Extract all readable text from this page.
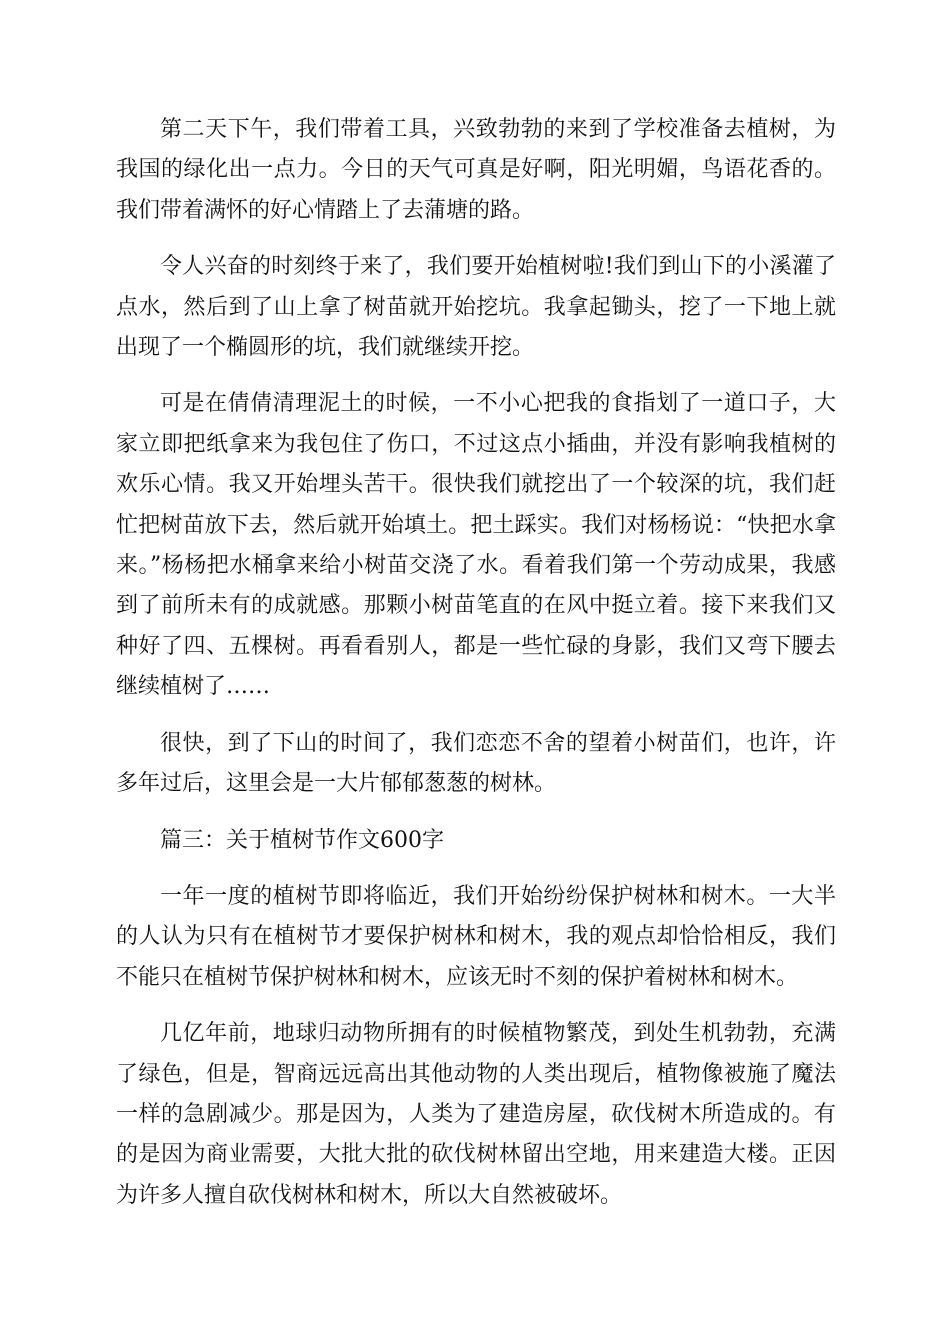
第二天下午，我们带着工具，兴致勃勃的来到了学校准备去植树，为我国的绿化出一点力。今日的天气可真是好啊，阳光明媚，鸟语花香的。我们带着满怀的好心情踏上了去蒲塘的路。

令人兴奋的时刻终于来了，我们要开始植树啦!我们到山下的小溪灌了点水，然后到了山上拿了树苗就开始挖坑。我拿起锄头，挖了一下地上就出现了一个椭圆形的坑，我们就继续开挖。

可是在倩倩清理泥土的时候，一不小心把我的食指划了一道口子，大家立即把纸拿来为我包住了伤口，不过这点小插曲，并没有影响我植树的欢乐心情。我又开始埋头苦干。很快我们就挖出了一个较深的坑，我们赶忙把树苗放下去，然后就开始填土。把土踩实。我们对杨杨说：“快把水拿来。”杨杨把水桶拿来给小树苗交浇了水。看着我们第一个劳动成果，我感到了前所未有的成就感。那颗小树苗笔直的在风中挺立着。接下来我们又种好了四、五棵树。再看看别人，都是一些忙碌的身影，我们又弯下腰去继续植树了……

很快，到了下山的时间了，我们恋恋不舍的望着小树苗们，也许，许多年过后，这里会是一大片郁郁葱葱的树林。

篇三：关于植树节作文600字

一年一度的植树节即将临近，我们开始纷纷保护树林和树木。一大半的人认为只有在植树节才要保护树林和树木，我的观点却恰恰相反，我们不能只在植树节保护树林和树木，应该无时不刻的保护着树林和树木。

几亿年前，地球归动物所拥有的时候植物繁茂，到处生机勃勃，充满了绿色，但是，智商远远高出其他动物的人类出现后，植物像被施了魔法一样的急剧减少。那是因为，人类为了建造房屋，砍伐树木所造成的。有的是因为商业需要，大批大批的砍伐树林留出空地，用来建造大楼。正因为许多人擅自砍伐树林和树木，所以大自然被破坏。
